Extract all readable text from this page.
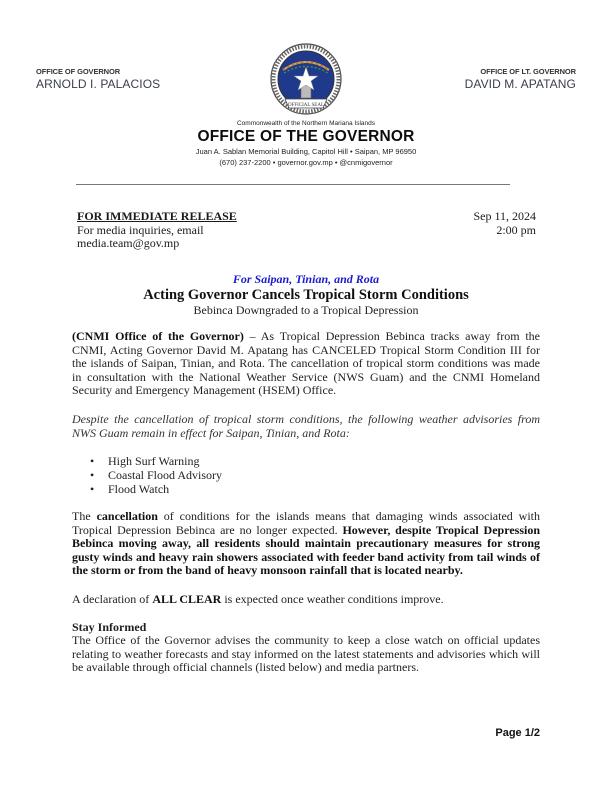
OFFICE OF GOVERNOR
ARNOLD I. PALACIOS
OFFICIAL SEAL
OFFICE OF LT. GOVERNOR
DAVID M. APATANG
Commonwealth of the Northern Mariana Islands
OFFICE OF THE GOVERNOR
Juan A. Sablan Memorial Building, Capitol Hill • Saipan, MP 96950
(670) 237-2200 • governor.gov.mp • @cnmigovernor
FOR IMMEDIATE RELEASE
For media inquiries, email
media.team@gov.mp
Sep 11, 2024
2:00 pm
For Saipan, Tinian, and Rota
Acting Governor Cancels Tropical Storm Conditions
Bebinca Downgraded to a Tropical Depression
(CNMI Office of the Governor) – As Tropical Depression Bebinca tracks away from the CNMI, Acting Governor David M. Apatang has CANCELED Tropical Storm Condition III for the islands of Saipan, Tinian, and Rota. The cancellation of tropical storm conditions was made in consultation with the National Weather Service (NWS Guam) and the CNMI Homeland Security and Emergency Management (HSEM) Office.
Despite the cancellation of tropical storm conditions, the following weather advisories from NWS Guam remain in effect for Saipan, Tinian, and Rota:
• High Surf Warning
• Coastal Flood Advisory
• Flood Watch
The cancellation of conditions for the islands means that damaging winds associated with Tropical Depression Bebinca are no longer expected. However, despite Tropical Depression Bebinca moving away, all residents should maintain precautionary measures for strong gusty winds and heavy rain showers associated with feeder band activity from tail winds of the storm or from the band of heavy monsoon rainfall that is located nearby.
A declaration of ALL CLEAR is expected once weather conditions improve.
Stay Informed
The Office of the Governor advises the community to keep a close watch on official updates relating to weather forecasts and stay informed on the latest statements and advisories which will be available through official channels (listed below) and media partners.
Page 1/2
